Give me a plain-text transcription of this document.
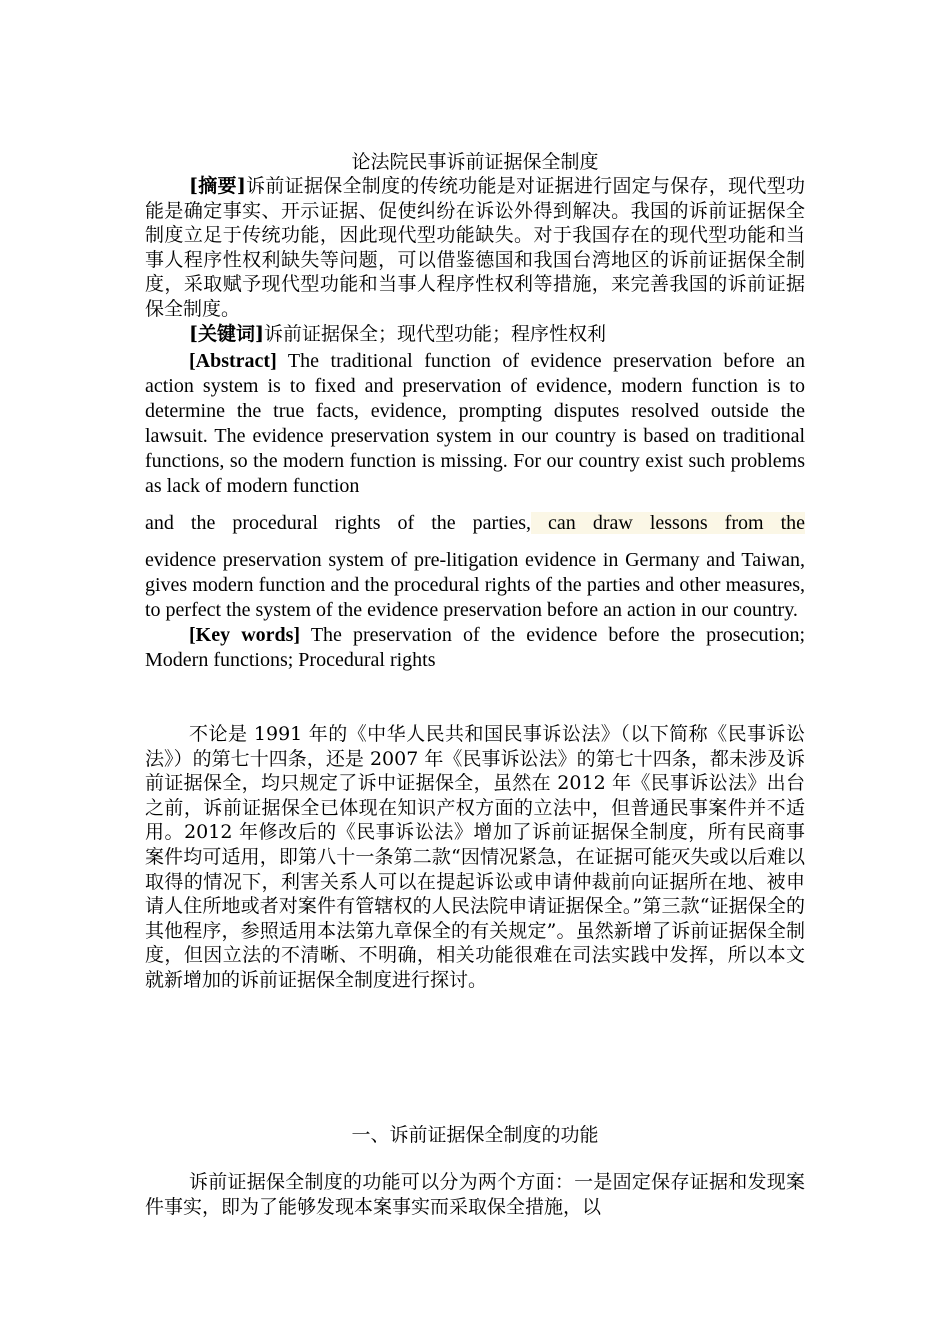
论法院民事诉前证据保全制度

[摘要]诉前证据保全制度的传统功能是对证据进行固定与保存，现代型功能是确定事实、开示证据、促使纠纷在诉讼外得到解决。我国的诉前证据保全制度立足于传统功能，因此现代型功能缺失。对于我国存在的现代型功能和当事人程序性权利缺失等问题，可以借鉴德国和我国台湾地区的诉前证据保全制度，采取赋予现代型功能和当事人程序性权利等措施，来完善我国的诉前证据保全制度。

[关键词]诉前证据保全；现代型功能；程序性权利

[Abstract] The traditional function of evidence preservation before an action system is to fixed and preservation of evidence, modern function is to determine the true facts, evidence, prompting disputes resolved outside the lawsuit. The evidence preservation system in our country is based on traditional functions, so the modern function is missing. For our country exist such problems as lack of modern function

and the procedural rights of the parties, can draw lessons from the

evidence preservation system of pre-litigation evidence in Germany and Taiwan, gives modern function and the procedural rights of the parties and other measures, to perfect the system of the evidence preservation before an action in our country.

[Key words] The preservation of the evidence before the prosecution; Modern functions; Procedural rights

不论是 1991 年的《中华人民共和国民事诉讼法》（以下简称《民事诉讼法》）的第七十四条，还是 2007 年《民事诉讼法》的第七十四条，都未涉及诉前证据保全，均只规定了诉中证据保全，虽然在 2012 年《民事诉讼法》出台之前，诉前证据保全已体现在知识产权方面的立法中，但普通民事案件并不适用。2012 年修改后的《民事诉讼法》增加了诉前证据保全制度，所有民商事案件均可适用，即第八十一条第二款“因情况紧急，在证据可能灭失或以后难以取得的情况下，利害关系人可以在提起诉讼或申请仲裁前向证据所在地、被申请人住所地或者对案件有管辖权的人民法院申请证据保全。”第三款“证据保全的其他程序，参照适用本法第九章保全的有关规定”。虽然新增了诉前证据保全制度，但因立法的不清晰、不明确，相关功能很难在司法实践中发挥，所以本文就新增加的诉前证据保全制度进行探讨。

一、诉前证据保全制度的功能

诉前证据保全制度的功能可以分为两个方面：一是固定保存证据和发现案件事实，即为了能够发现本案事实而采取保全措施，以
